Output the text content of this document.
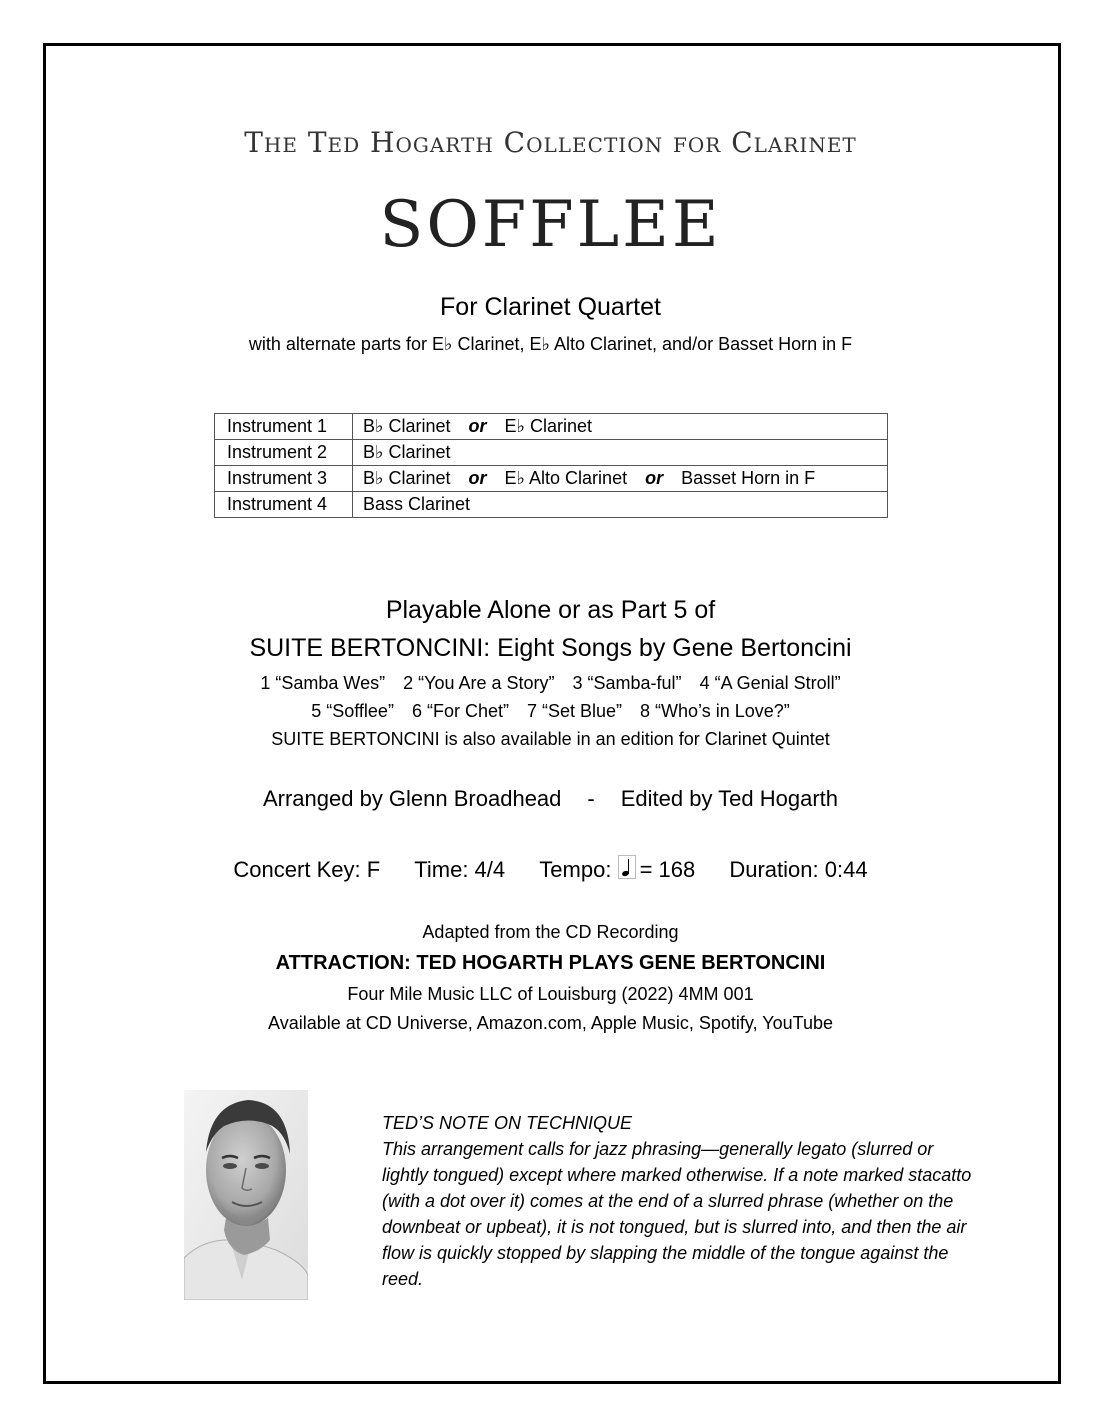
The Ted Hogarth Collection for Clarinet
SOFFLEE
For Clarinet Quartet
with alternate parts for E♭ Clarinet, E♭ Alto Clarinet, and/or Basset Horn in F
Instrument 1	B♭ Clarinet or E♭ Clarinet
Instrument 2	B♭ Clarinet
Instrument 3	B♭ Clarinet or E♭ Alto Clarinet or Basset Horn in F
Instrument 4	Bass Clarinet
Playable Alone or as Part 5 of
SUITE BERTONCINI: Eight Songs by Gene Bertoncini
1 “Samba Wes” 2 “You Are a Story” 3 “Samba-ful” 4 “A Genial Stroll”
5 “Sofflee” 6 “For Chet” 7 “Set Blue” 8 “Who’s in Love?”
SUITE BERTONCINI is also available in an edition for Clarinet Quintet
Arranged by Glenn Broadhead - Edited by Ted Hogarth
Concert Key: F Time: 4/4 Tempo: = 168 Duration: 0:44
Adapted from the CD Recording
ATTRACTION: TED HOGARTH PLAYS GENE BERTONCINI
Four Mile Music LLC of Louisburg (2022) 4MM 001
Available at CD Universe, Amazon.com, Apple Music, Spotify, YouTube
TED’S NOTE ON TECHNIQUE
This arrangement calls for jazz phrasing—generally legato (slurred or lightly tongued) except where marked otherwise. If a note marked stacatto (with a dot over it) comes at the end of a slurred phrase (whether on the downbeat or upbeat), it is not tongued, but is slurred into, and then the air flow is quickly stopped by slapping the middle of the tongue against the reed.
